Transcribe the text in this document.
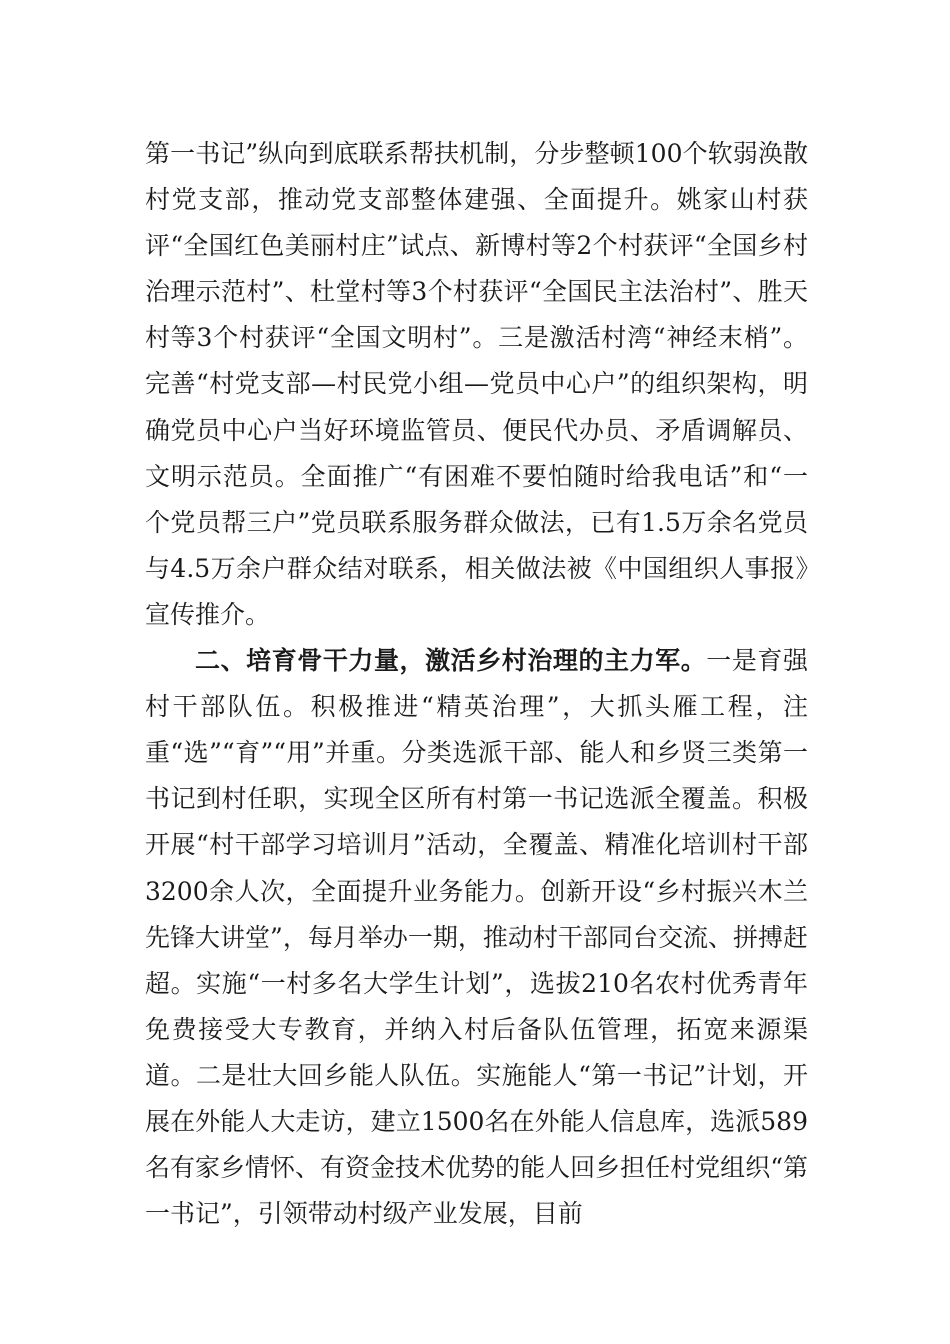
第一书记”纵向到底联系帮扶机制，分步整顿100个软弱涣散村党支部，推动党支部整体建强、全面提升。姚家山村获评“全国红色美丽村庄”试点、新博村等2个村获评“全国乡村治理示范村”、杜堂村等3个村获评“全国民主法治村”、胜天村等3个村获评“全国文明村”。三是激活村湾“神经末梢”。完善“村党支部—村民党小组—党员中心户”的组织架构，明确党员中心户当好环境监管员、便民代办员、矛盾调解员、文明示范员。全面推广“有困难不要怕随时给我电话”和“一个党员帮三户”党员联系服务群众做法，已有1.5万余名党员与4.5万余户群众结对联系，相关做法被《中国组织人事报》宣传推介。

二、培育骨干力量，激活乡村治理的主力军。一是育强村干部队伍。积极推进“精英治理”，大抓头雁工程，注重“选”“育”“用”并重。分类选派干部、能人和乡贤三类第一书记到村任职，实现全区所有村第一书记选派全覆盖。积极开展“村干部学习培训月”活动，全覆盖、精准化培训村干部3200余人次，全面提升业务能力。创新开设“乡村振兴木兰先锋大讲堂”，每月举办一期，推动村干部同台交流、拼搏赶超。实施“一村多名大学生计划”，选拔210名农村优秀青年免费接受大专教育，并纳入村后备队伍管理，拓宽来源渠道。二是壮大回乡能人队伍。实施能人“第一书记”计划，开展在外能人大走访，建立1500名在外能人信息库，选派589名有家乡情怀、有资金技术优势的能人回乡担任村党组织“第一书记”，引领带动村级产业发展，目前
